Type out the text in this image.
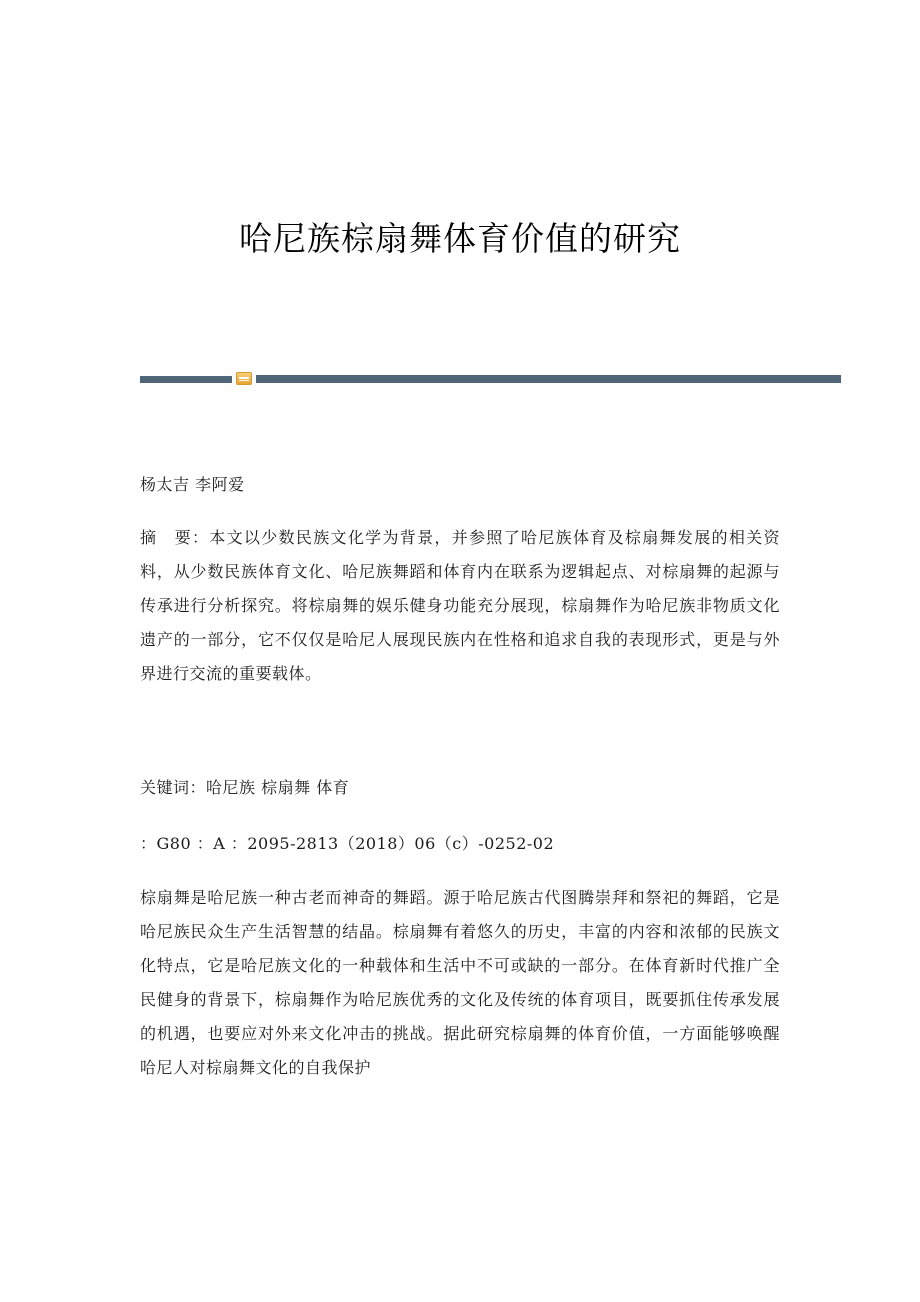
哈尼族棕扇舞体育价值的研究

杨太吉 李阿爱

摘　要：本文以少数民族文化学为背景，并参照了哈尼族体育及棕扇舞发展的相关资料，从少数民族体育文化、哈尼族舞蹈和体育内在联系为逻辑起点、对棕扇舞的起源与传承进行分析探究。将棕扇舞的娱乐健身功能充分展现，棕扇舞作为哈尼族非物质文化遗产的一部分，它不仅仅是哈尼人展现民族内在性格和追求自我的表现形式，更是与外界进行交流的重要载体。

关键词：哈尼族 棕扇舞 体育

：G80 ：A ：2095-2813（2018）06（c）-0252-02

棕扇舞是哈尼族一种古老而神奇的舞蹈。源于哈尼族古代图腾崇拜和祭祀的舞蹈，它是哈尼族民众生产生活智慧的结晶。棕扇舞有着悠久的历史，丰富的内容和浓郁的民族文化特点，它是哈尼族文化的一种载体和生活中不可或缺的一部分。在体育新时代推广全民健身的背景下，棕扇舞作为哈尼族优秀的文化及传统的体育项目，既要抓住传承发展的机遇，也要应对外来文化冲击的挑战。据此研究棕扇舞的体育价值，一方面能够唤醒哈尼人对棕扇舞文化的自我保护
